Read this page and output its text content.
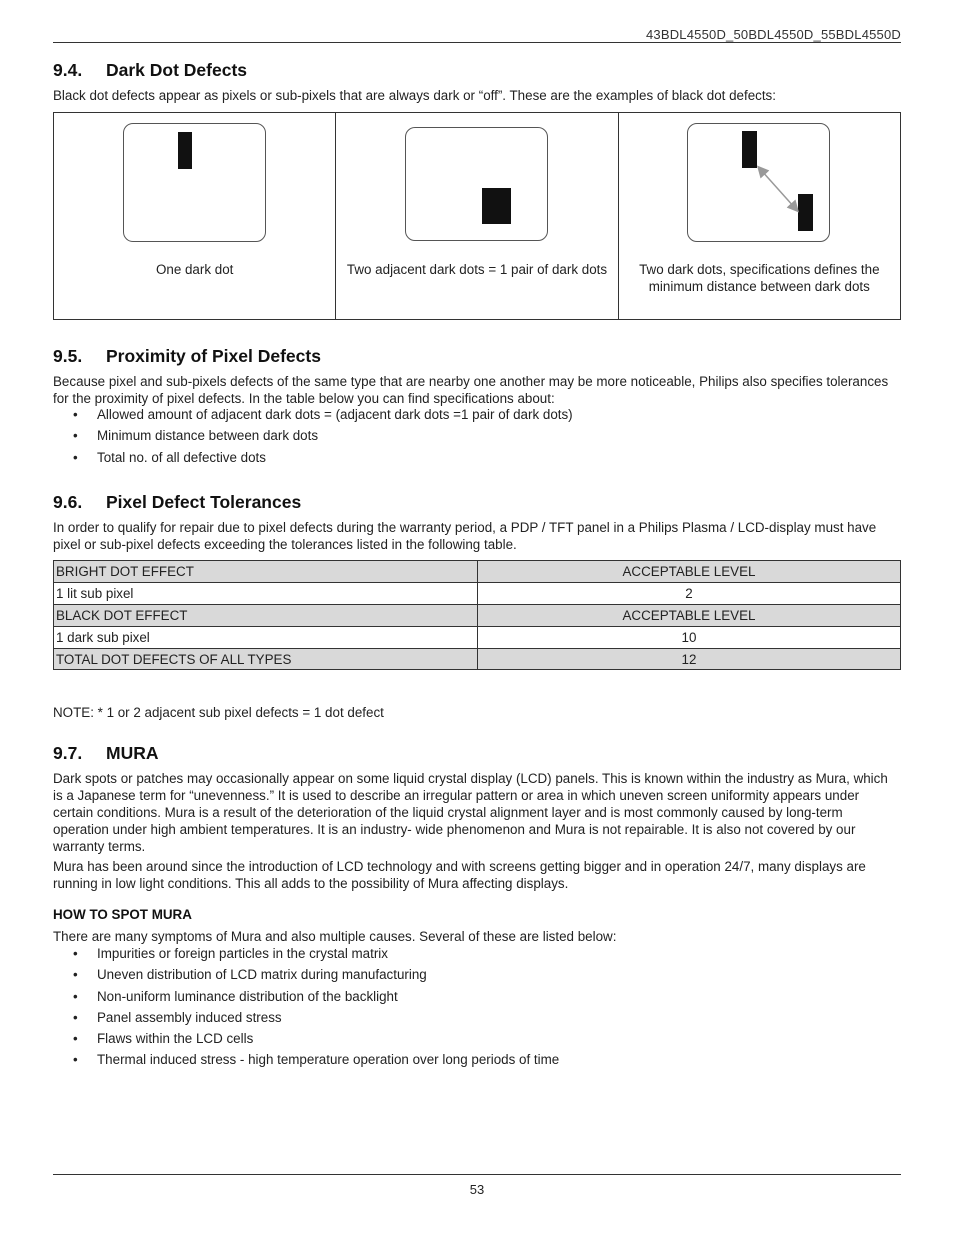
43BDL4550D_50BDL4550D_55BDL4550D
9.4. Dark Dot Defects

Black dot defects appear as pixels or sub-pixels that are always dark or “off”. These are the examples of black dot defects:

One dark dot	Two adjacent dark dots = 1 pair of dark dots	Two dark dots, specifications defines the minimum distance between dark dots
9.5. Proximity of Pixel Defects

Because pixel and sub-pixels defects of the same type that are nearby one another may be more noticeable, Philips also specifies tolerances for the proximity of pixel defects. In the table below you can find specifications about:

• Allowed amount of adjacent dark dots = (adjacent dark dots =1 pair of dark dots)
• Minimum distance between dark dots
• Total no. of all defective dots
9.6. Pixel Defect Tolerances

In order to qualify for repair due to pixel defects during the warranty period, a PDP / TFT panel in a Philips Plasma / LCD-display must have pixel or sub-pixel defects exceeding the tolerances listed in the following table.

BRIGHT DOT EFFECT	ACCEPTABLE LEVEL
1 lit sub pixel	2
BLACK DOT EFFECT	ACCEPTABLE LEVEL
1 dark sub pixel	10
TOTAL DOT DEFECTS OF ALL TYPES	12

NOTE: * 1 or 2 adjacent sub pixel defects = 1 dot defect

9.7. MURA

Dark spots or patches may occasionally appear on some liquid crystal display (LCD) panels. This is known within the industry as Mura, which is a Japanese term for “unevenness.” It is used to describe an irregular pattern or area in which uneven screen uniformity appears under certain conditions. Mura is a result of the deterioration of the liquid crystal alignment layer and is most commonly caused by long-term operation under high ambient temperatures. It is an industry- wide phenomenon and Mura is not repairable. It is also not covered by our warranty terms.

Mura has been around since the introduction of LCD technology and with screens getting bigger and in operation 24/7, many displays are running in low light conditions. This all adds to the possibility of Mura affecting displays.

HOW TO SPOT MURA

There are many symptoms of Mura and also multiple causes. Several of these are listed below:

• Impurities or foreign particles in the crystal matrix
• Uneven distribution of LCD matrix during manufacturing
• Non-uniform luminance distribution of the backlight
• Panel assembly induced stress
• Flaws within the LCD cells
• Thermal induced stress - high temperature operation over long periods of time
53
